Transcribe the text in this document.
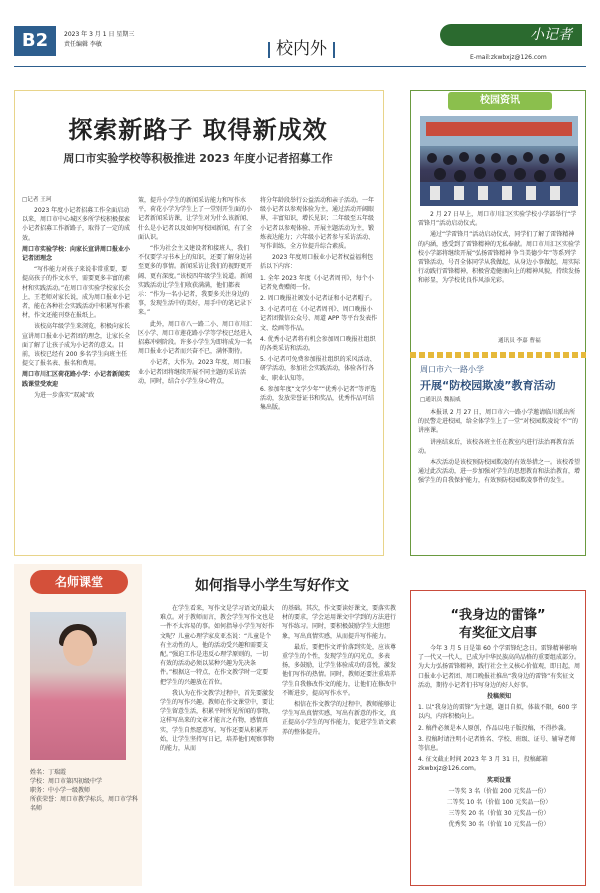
B2	2023 年 3 月 1 日 星期三
责任编辑 李敏	校内外
小记者
E-mail:zkwbxjz@126.com
探索新路子 取得新成效
周口市实验学校等积极推进 2023 年度小记者招募工作
□记者 王珂

2023 年度小记者招募工作全面启动以来，周口市中心城区多所学校积极探索小记者招募工作新路子，取得了一定的成效。

周口市实验学校：向家长宣讲周口报业小记者团理念

“写作能力对孩子来说非常重要，要提高孩子的作文水平，需要更多丰富的素材和实践活动。”在周口市实验学校家长会上，王老师对家长说，成为周口报业小记者，能在各种社会实践活动中积累写作素材，作文还能刊登在报纸上。

该校高年级学生来浏览，积极向家长宣讲周口报业小记者团的理念，让家长全面了解了让孩子成为小记者的意义。目前，该校已经有 200 多名学生向班主任提交了报名表、报名和费用。

周口市川汇区荷花路小学：小记者新闻实践课堂受欢迎

为进一步落实“双减”政

策，提升小学生的新闻采访能力和写作水平，荷花小学为学生上了一堂别开生面的小记者新闻采访课，让学生对为什么该新闻、什么是小记者以及如何写校园新闻，有了全面认识。

“作为社会主义建设者和接班人，我们不仅要学习书本上的知识，还要了解身边甚至更多的事情。新闻采访让我们的视野更开阔、更有深度。”该校四年级学生说道。新闻实践活动让学生们收获满满，他们都表示：“作为一名小记者，我要多关注身边的事，发现生活中的美好，用手中的笔记录下来。”

此外，周口市八一路二小、周口市川汇区小学、周口市莲花路小学等学校已经进入招募冲刺阶段。许多小学生为即将成为一名周口报业小记者而兴奋不已，满怀期待。

小记者，大作为。2023 年度，周口报业小记者团将继续开展不同主题的采访活动，同时，结合小学生身心特点，

将分年龄段举行公益活动和亲子活动。一年级小记者以参观体验为主，通过活动开阔眼界，丰富知识，增长见识；二年级至五年级小记者以参观体验、开展主题活动为主，锻炼表达能力；六年级小记者参与采访活动、写作训练，全方位提升综合素质。

2023 年度周口报业小记者权益福利包括以下内容：

1. 全年 2023 年度《小记者周刊》，每个小记者免费赠阅一份。

2. 周口晚报社颁发小记者证和小记者帽子。

3. 小记者可在《小记者周刊》、周口晚报小记者团微信公众号、周道 APP 等平台发表作文、绘画等作品。

4. 优秀小记者将有机会参加周口晚报社组织的各类采访和活动。

5. 小记者可免费参加报社组织的采风活动、研学活动，参加社会实践活动，体验各行各业、职业认知等。

6. 参加年度“文学少年”“优秀小记者”等评选活动，发放荣誉证书和奖品，优秀作品可结集出版。

校园资讯

2 月 27 日早上，周口市川汇区实验学校小学部举行“学雷锋月”活动启动仪式。

通过“学雷锋月”活动启动仪式，同学们了解了雷锋精神的内涵，感受到了雷锋精神的无私奉献。周口市川汇区实验学校小学部将继续开展“弘扬雷锋精神 争当美德少年”等系列学雷锋活动，号召全体同学从我做起，从身边小事做起，用实际行动践行雷锋精神，积极营造健康向上的精神风貌，持续发扬和彰显，为学校优良作风添光彩。

通讯员 李嘉 曹福
周口市六一路小学
开展“防校园欺凌”教育活动
□通讯员 魏振威

本报讯 2 月 27 日，周口市六一路小学邀请临川派出所的民警走进校园，给全体学生上了一堂“对校园欺凌说‘不’”的讲座课。

讲座结束后，该校各班主任在教室内进行法治再教育活动。

本次活动是该校预防校园欺凌的有效举措之一。该校希望通过此次活动，进一步加强对学生的思想教育和法治教育，增强学生的自我保护能力，有效预防校园欺凌事件的发生。

名师课堂
姓名：丁瑞霞
学校：周口市第四初级中学
职务：中小学一级教师
所获荣誉：周口市教学标兵，周口市学科名师
如何指导小学生写好作文

在学生看来，写作文是学习语文的最大难点。对于教师而言，教会学生写作文也是一件不太容易的事。如何指导小学生写好作文呢？儿童心理学家皮亚杰说：“儿童是个有主动性的人，他的活动受兴趣和需要支配。”强迫工作是违反心理学原则的，一切有效的活动必须以某种兴趣为先决条件。”根据这一特点，在作文教学时一定要把学生的兴趣放在首位。

我认为在作文教学过程中，首先要激发学生的写作兴趣。教师在作文课堂中，要让学生留意生活，积累平时所见所闻的事物，这样写出来的文章才能言之有物，感情真实，学生自然愿意写。写作还要从积累开始，让学生坚持写日记，培养他们观察事物的能力，从而

的基础。其次，作文要读好课文，要落实教材的要求，学会运用课文中学到的方法进行写作练习。同时，要积极鼓励学生大胆想象，写出真情实感，从而提升写作能力。

最后，要把作文评价落到实处，应该尊重学生的个性，发现学生的闪光点，多表扬，多鼓励，让学生体验成功的喜悦，激发他们写作的热情。同时，教师还要注重培养学生自我修改作文的能力，让他们在修改中不断进步，提高写作水平。

相信在作文教学的过程中，教师能够让学生写出真情实感，写出有新意的作文，真正提高小学生的写作能力，促进学生语文素养的整体提升。

“我身边的雷锋”
有奖征文启事

今年 3 月 5 日是第 60 个学雷锋纪念日。雷锋精神影响了一代又一代人，已成为中华民族高尚品格的重要组成部分。为大力弘扬雷锋精神，践行社会主义核心价值观，即日起，周口报业小记者团、周口晚报社推出“我身边的雷锋”有奖征文活动，期待小记者们书写身边的好人好事。

投稿须知

1. 以“我身边的雷锋”为主题，题目自拟，体裁不限，600 字以内，内容积极向上。

2. 稿件必须是本人原创，作品以电子版投稿，不得抄袭。

3. 投稿时请注明小记者姓名、学校、班级、证号、辅导老师等信息。

4. 征文截止时间 2023 年 3 月 31 日，投稿邮箱 zkwbxjz@126.com。

奖项设置

一等奖 3 名（价值 200 元奖品一份）

二等奖 10 名（价值 100 元奖品一份）

三等奖 20 名（价值 30 元奖品一份）

优秀奖 30 名（价值 10 元奖品一份）
